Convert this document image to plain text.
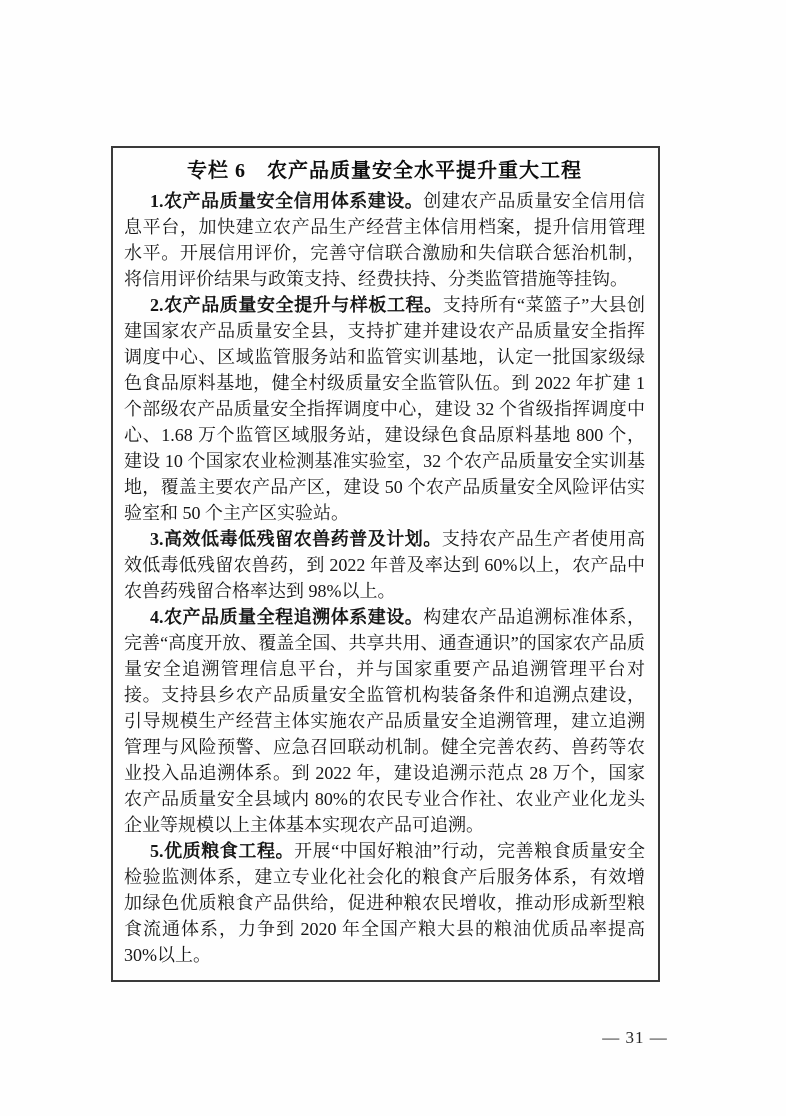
专栏 6　农产品质量安全水平提升重大工程

1.农产品质量安全信用体系建设。创建农产品质量安全信用信息平台，加快建立农产品生产经营主体信用档案，提升信用管理水平。开展信用评价，完善守信联合激励和失信联合惩治机制，将信用评价结果与政策支持、经费扶持、分类监管措施等挂钩。

2.农产品质量安全提升与样板工程。支持所有“菜篮子”大县创建国家农产品质量安全县，支持扩建并建设农产品质量安全指挥调度中心、区域监管服务站和监管实训基地，认定一批国家级绿色食品原料基地，健全村级质量安全监管队伍。到 2022 年扩建 1 个部级农产品质量安全指挥调度中心，建设 32 个省级指挥调度中心、1.68 万个监管区域服务站，建设绿色食品原料基地 800 个，建设 10 个国家农业检测基准实验室，32 个农产品质量安全实训基地，覆盖主要农产品产区，建设 50 个农产品质量安全风险评估实验室和 50 个主产区实验站。

3.高效低毒低残留农兽药普及计划。支持农产品生产者使用高效低毒低残留农兽药，到 2022 年普及率达到 60%以上，农产品中农兽药残留合格率达到 98%以上。

4.农产品质量全程追溯体系建设。构建农产品追溯标准体系，完善“高度开放、覆盖全国、共享共用、通查通识”的国家农产品质量安全追溯管理信息平台，并与国家重要产品追溯管理平台对接。支持县乡农产品质量安全监管机构装备条件和追溯点建设，引导规模生产经营主体实施农产品质量安全追溯管理，建立追溯管理与风险预警、应急召回联动机制。健全完善农药、兽药等农业投入品追溯体系。到 2022 年，建设追溯示范点 28 万个，国家农产品质量安全县域内 80%的农民专业合作社、农业产业化龙头企业等规模以上主体基本实现农产品可追溯。

5.优质粮食工程。开展“中国好粮油”行动，完善粮食质量安全检验监测体系，建立专业化社会化的粮食产后服务体系，有效增加绿色优质粮食产品供给，促进种粮农民增收，推动形成新型粮食流通体系，力争到 2020 年全国产粮大县的粮油优质品率提高 30%以上。

— 31 —
